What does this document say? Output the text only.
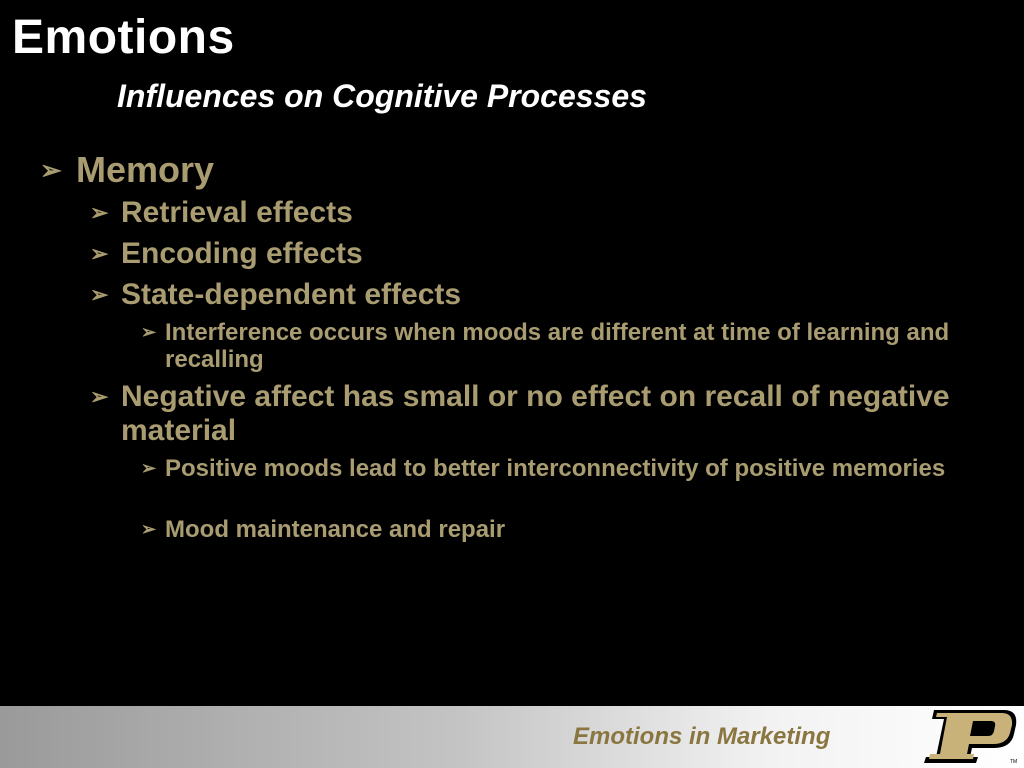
Emotions
Influences on Cognitive Processes
➢ Memory
➢ Retrieval effects
➢ Encoding effects
➢ State-dependent effects
➢ Interference occurs when moods are different at time of learning and recalling
➢ Negative affect has small or no effect on recall of negative material
➢ Positive moods lead to better interconnectivity of positive memories
➢ Mood maintenance and repair
Emotions in Marketing
TM
